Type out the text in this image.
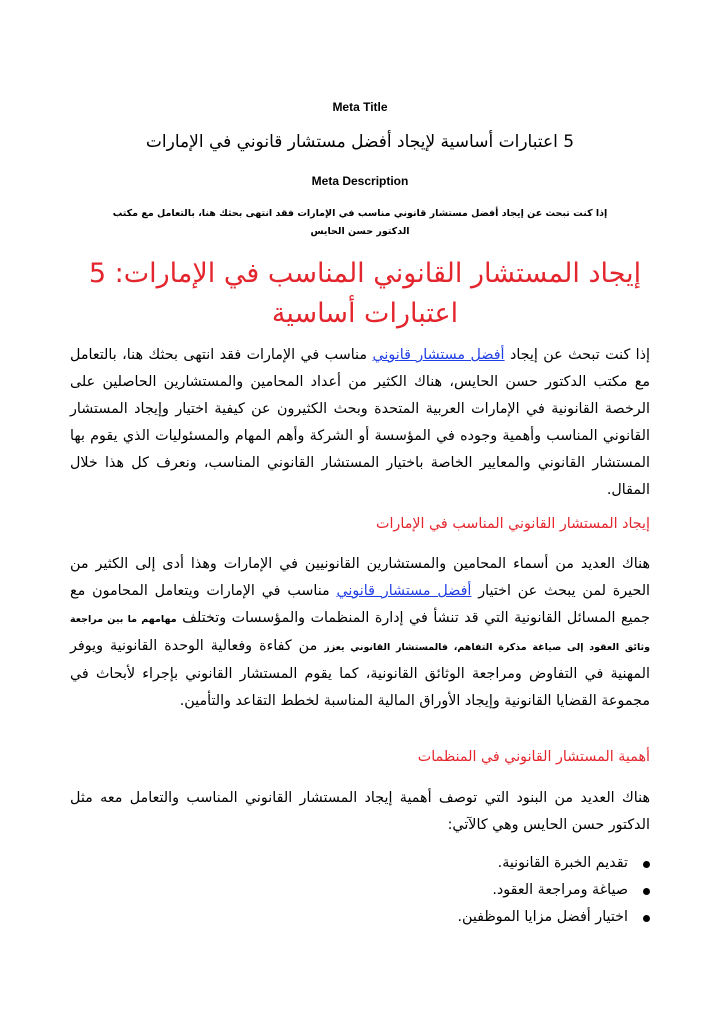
Meta Title
5 اعتبارات أساسية لإيجاد أفضل مستشار قانوني في الإمارات
Meta Description
إذا كنت تبحث عن إيجاد أفضل مستشار قانوني مناسب في الإمارات فقد انتهى بحثك هنا، بالتعامل مع مكتب الدكتور حسن الحايس
إيجاد المستشار القانوني المناسب في الإمارات: 5 اعتبارات أساسية

إذا كنت تبحث عن إيجاد أفضل مستشار قانوني مناسب في الإمارات فقد انتهى بحثك هنا، بالتعامل مع مكتب الدكتور حسن الحايس، هناك الكثير من أعداد المحامين والمستشارين الحاصلين على الرخصة القانونية في الإمارات العربية المتحدة وبحث الكثيرون عن كيفية اختيار وإيجاد المستشار القانوني المناسب وأهمية وجوده في المؤسسة أو الشركة وأهم المهام والمسئوليات الذي يقوم بها المستشار القانوني والمعايير الخاصة باختيار المستشار القانوني المناسب، ونعرف كل هذا خلال المقال.

إيجاد المستشار القانوني المناسب في الإمارات

هناك العديد من أسماء المحامين والمستشارين القانونيين في الإمارات وهذا أدى إلى الكثير من الحيرة لمن يبحث عن اختيار أفضل مستشار قانوني مناسب في الإمارات ويتعامل المحامون مع جميع المسائل القانونية التي قد تنشأ في إدارة المنظمات والمؤسسات وتختلف مهامهم ما بين مراجعة وثائق العقود إلى صياغة مذكرة التفاهم، فالمستشار القانوني يعزز من كفاءة وفعالية الوحدة القانونية ويوفر المهنية في التفاوض ومراجعة الوثائق القانونية، كما يقوم المستشار القانوني بإجراء لأبحاث في مجموعة القضايا القانونية وإيجاد الأوراق المالية المناسبة لخطط التقاعد والتأمين.

أهمية المستشار القانوني في المنظمات

هناك العديد من البنود التي توصف أهمية إيجاد المستشار القانوني المناسب والتعامل معه مثل الدكتور حسن الحايس وهي كالآتي:

تقديم الخبرة القانونية.
صياغة ومراجعة العقود.
اختيار أفضل مزايا الموظفين.
